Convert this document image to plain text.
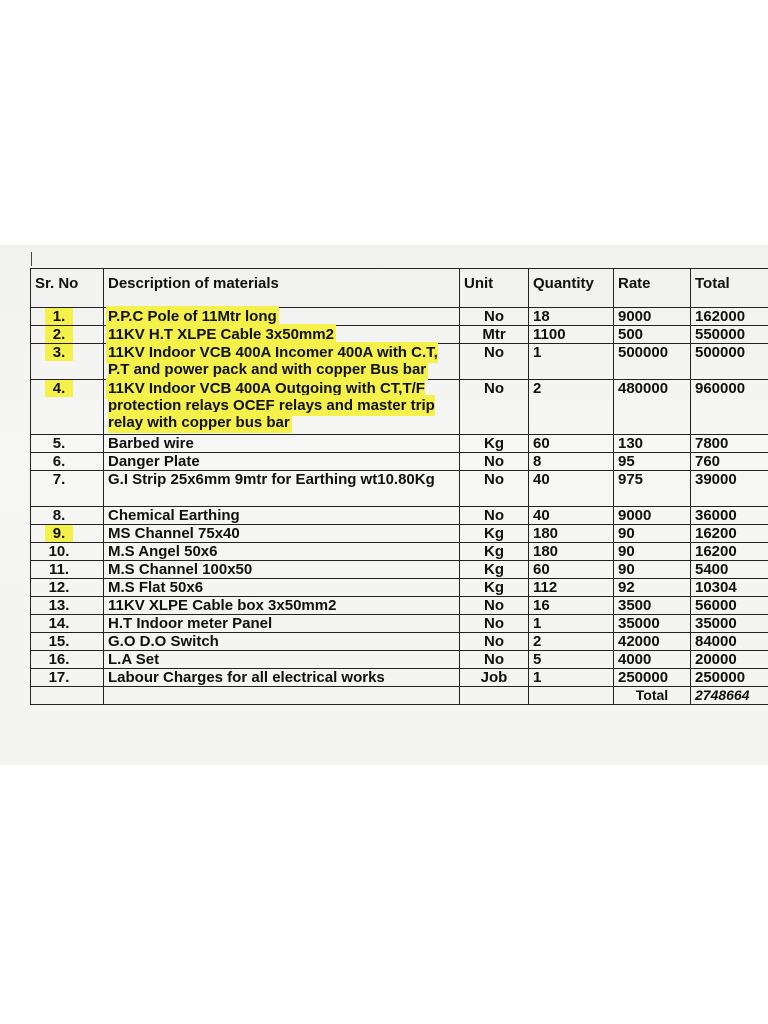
Sr. No	Description of materials	Unit	Quantity	Rate	Total
1.	P.P.C Pole of 11Mtr long	No	18	9000	162000
2.	11KV H.T XLPE Cable 3x50mm2	Mtr	1100	500	550000
3.	11KV Indoor VCB 400A Incomer 400A with C.T, P.T and power pack and with copper Bus bar	No	1	500000	500000
4.	11KV Indoor VCB 400A Outgoing with CT,T/F protection relays OCEF relays and master trip relay with copper bus bar	No	2	480000	960000
5.	Barbed wire	Kg	60	130	7800
6.	Danger Plate	No	8	95	760
7.	G.I Strip 25x6mm 9mtr for Earthing wt10.80Kg	No	40	975	39000
8.	Chemical Earthing	No	40	9000	36000
9.	MS Channel 75x40	Kg	180	90	16200
10.	M.S Angel 50x6	Kg	180	90	16200
11.	M.S Channel 100x50	Kg	60	90	5400
12.	M.S Flat 50x6	Kg	112	92	10304
13.	11KV XLPE Cable box 3x50mm2	No	16	3500	56000
14.	H.T Indoor meter Panel	No	1	35000	35000
15.	G.O D.O Switch	No	2	42000	84000
16.	L.A Set	No	5	4000	20000
17.	Labour Charges for all electrical works	Job	1	250000	250000
				Total	2748664
